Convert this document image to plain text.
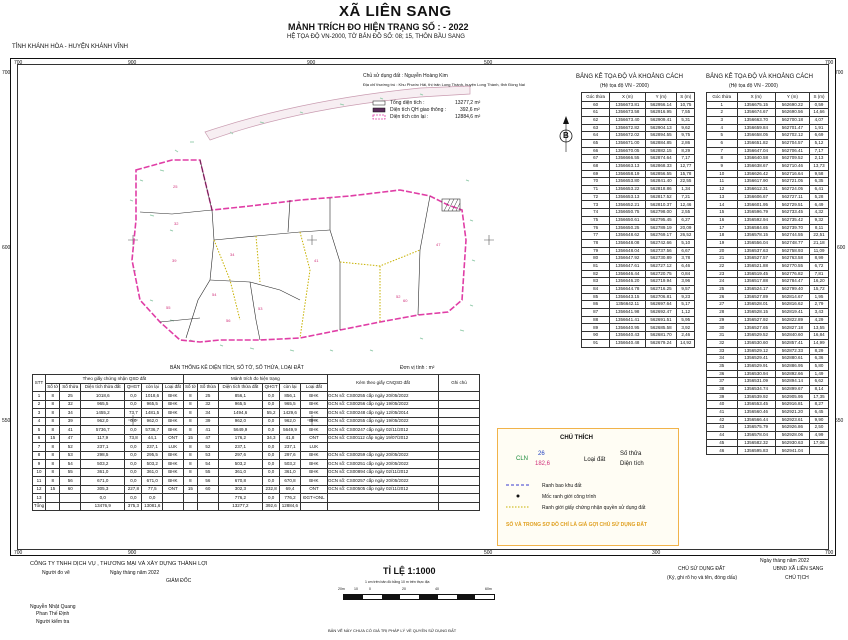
XÃ LIÊN SANG
MẢNH TRÍCH ĐO HIỆN TRẠNG SỐ : - 2022
HỆ TỌA ĐỘ VN-2000, TỜ BẢN ĐỒ SỐ: 08; 15, THÔN BẦU SANG
TỈNH KHÁNH HÒA - HUYỆN KHÁNH VĨNH
700	900	900	500	700
700
600
550
700
600
550
700	900	500	300	700
25
32
34
39	41
47
52
53
54
55
56
60
Chủ sử dụng đất : Nguyễn Hoàng Kim
Địa chỉ thường trú : Khu Phước Hải, thị trấn Long Thành, huyện Long Thành, tỉnh Đồng Nai
Tổng diện tích :	13277,2 m²
Diện tích QH giao thông :	392,6 m²
Diện tích còn lại :	12884,6 m²
B
BẢNG KÊ TỌA ĐỘ VÀ KHOẢNG CÁCH
(Hệ tọa độ VN - 2000)
Góc thửa	X (m)	Y (m)	S (m)
60	1356673.81	562956.14	10,75
61	1356673.58	562916.95	7,55
62	1356673.40	562909.41	5,31
63	1356672.82	562904.13	9,62
64	1356672.02	562894.55	9,75
65	1356671.00	562884.85	2,86
66	1356670.05	562882.15	8,29
67	1356666.55	562874.64	7,17
68	1356663.13	562868.33	12,77
69	1356658.19	562856.55	15,78
70	1356653.80	562841.40	22,55
71	1356653.22	562818.86	1,34
72	1356653.13	562817.52	7,21
73	1356652.21	562810.37	12,46
74	1356650.75	562798.00	2,55
75	1356650.61	562795.45	6,27
76	1356650.25	562789.19	20,09
77	1356648.62	562769.17	26,52
78	1356648.08	562742.66	5,10
79	1356648.04	562737.56	6,67
80	1356647.92	562730.89	3,78
81	1356647.61	562727.12	6,46
82	1356646.44	562720.75	0,84
83	1356646.20	562719.94	3,96
84	1356644.78	562716.25	9,57
85	1356643.15	562706.81	9,23
86	1356642.11	562697.64	5,17
87	1356641.98	562692.47	1,12
88	1356641.41	562691.51	5,95
89	1356640.95	562685.58	3,92
90	1356640.43	562681.70	2,46
91	1356640.48	562679.24	14,92
BẢNG KÊ TỌA ĐỘ VÀ KHOẢNG CÁCH
(Hệ tọa độ VN - 2000)
Góc thửa	X (m)	Y (m)	S (m)
1	1356675.15	562690.22	0,59
2	1356674.67	562690.56	14,66
3	1356663.70	562700.18	4,07
4	1356659.84	562701.47	1,91
5	1356658.05	562702.12	6,69
6	1356651.82	562704.57	5,12
7	1356647.04	562706.41	7,17
8	1356640.58	562709.52	2,13
9	1356638.67	562710.46	13,73
10	1356626.42	562716.64	9,58
11	1356617.90	562721.05	6,35
12	1356612.31	562724.05	6,41
13	1356606.67	562727.11	5,28
14	1356601.95	562729.51	6,49
15	1356596.79	562733.45	4,32
16	1356592.94	562735.42	9,32
17	1356584.65	562739.70	8,11
18	1356578.15	562744.55	22,51
19	1356556.04	562748.77	21,18
20	1356537.63	562758.93	11,09
21	1356527.57	562763.58	8,99
22	1356521.88	562770.55	6,72
23	1356519.45	562776.82	7,81
24	1356517.88	562784.47	16,20
25	1356524.17	562799.40	15,72
26	1356527.89	562814.67	1,95
27	1356528.01	562816.62	2,79
28	1356528.15	562819.41	3,43
29	1356527.92	562822.89	4,29
30	1356527.65	562827.18	13,55
31	1356529.52	562840.60	16,84
32	1356530.60	562857.41	14,99
33	1356529.12	562872.33	8,29
34	1356529.41	562880.61	6,36
35	1356529.91	562886.95	5,80
36	1356530.94	562892.66	1,49
37	1356531.09	562894.14	6,62
38	1356534.74	562899.67	8,14
39	1356539.92	562905.95	17,35
40	1356553.45	562916.81	8,27
41	1356560.46	562921.20	6,45
42	1356566.44	562923.61	9,90
43	1356575.79	562926.86	2,50
44	1356578.04	562928.06	4,99
45	1356582.32	562930.63	17,06
46	1356595.83	562941.04	
BẢN THỐNG KÊ DIỆN TÍCH, SỐ TỜ, SỐ THỬA, LOẠI ĐẤT	Đơn vị tính : m²
STT	Theo giấy chứng nhận QSD đất						Mảnh trích đo hiện trạng						Kèm theo giấy CNQSD đất	Ghi chú
	Số tờ	Số thửa	Diện tích thửa đất	QHGT	còn lại	Loại đất	Số tờ	Số thửa	Diện tích thửa đất	QHGT	còn lại	Loại đất		
1	8	25	1018,6	0,0	1018,6	BHK	8	25	856,1	0,0	856,1	BHK	GCN số: CS00255 cấp ngày 20/05/2022	
2	8	32	965,5	0,0	965,5	BHK	8	32	965,5	0,0	965,5	BHK	GCN số: CS00256 cấp ngày 19/05/2022	
3	8	34	1455,2	73,7	1481,5	BHK	8	34	1494,6	55,2	1429,6	BHK	GCN số: CS00248 cấp ngày 12/05/2014	
4	8	39	962,0	0,0	962,0	BHK	8	39	962,0	0,0	962,0	BHK	GCN số: CS00255 cấp ngày 19/05/2022	
5	8	41	5736,7	0,0	5736,7	BHK	8	41	5649,9	0,0	5649,9	BHK	GCN số: CS00247 cấp ngày 02/11/2012	
6	15	47	117,9	73,8	44,1	ONT	15	47	176,2	34,3	41,8	ONT	GCN số: CS00112 cấp ngày 19/07/2012	
7	8	52	237,1	0,0	237,1	LUK	8	52	237,1	0,0	237,1	LUK		
8	8	53	298,5	0,0	295,5	BHK	8	53	297,6	0,0	297,6	BHK	GCN số: CS00259 cấp ngày 20/05/2022	
9	8	54	503,2	0,0	503,2	BHK	8	54	503,2	0,0	503,2	BHK	GCN số: CS00251 cấp ngày 20/05/2022	
10	8	55	361,0	0,0	361,0	BHK	8	55	361,0	0,0	361,0	BHK	GCN số: CS00894 cấp ngày 02/11/2012	
11	8	56	671,0	0,0	671,0	BHK	8	56	670,8	0,0	670,8	BHK	GCN số: CS00257 cấp ngày 20/05/2022	
12	15	60	305,3	227,8	77,5	ONT	15	60	302,3	232,8	69,4	ONT	GCN số: CS00505 cấp ngày 02/11/2012	
13			0,0	0,0	0,0				776,2	0,0	776,2	ĐGT+ONL		
Tổng			13476,9	375,3	13081,6				13277,2	392,6	12884,6			
CHÚ THÍCH
CLN
26
182,6
Loại đất
Số thửa
Diện tích
Ranh bao khu đất
Mốc ranh giới công trình
Ranh giới giấy chứng nhận quyền sử dụng đất
SỐ VÀ TRONG SƠ ĐỒ CHỈ LÀ GIÁ GỢI CHỦ SỬ DỤNG ĐẤT
CÔNG TY TNHH DỊCH VỤ , THƯƠNG MẠI VÀ XÂY DỰNG THÀNH LỢI
Người đo vẽ	Ngày tháng năm 2022
GIÁM ĐỐC
TỈ LỆ 1:1000
1 cm trên bản đồ bằng 10 m trên thực địa
20m	10	0	20	40	60m
CHỦ SỬ DỤNG ĐẤT
(Ký, ghi rõ họ và tên, đóng dấu)
Ngày tháng năm 2022
UBND XÃ LIÊN SANG
CHỦ TỊCH
Nguyễn Nhật Quang
Phan Thế Định
Người kiểm tra
BẢN VẼ NÀY CHƯA CÓ GIÁ TRỊ PHÁP LÝ VỀ QUYỀN SỬ DỤNG ĐẤT
